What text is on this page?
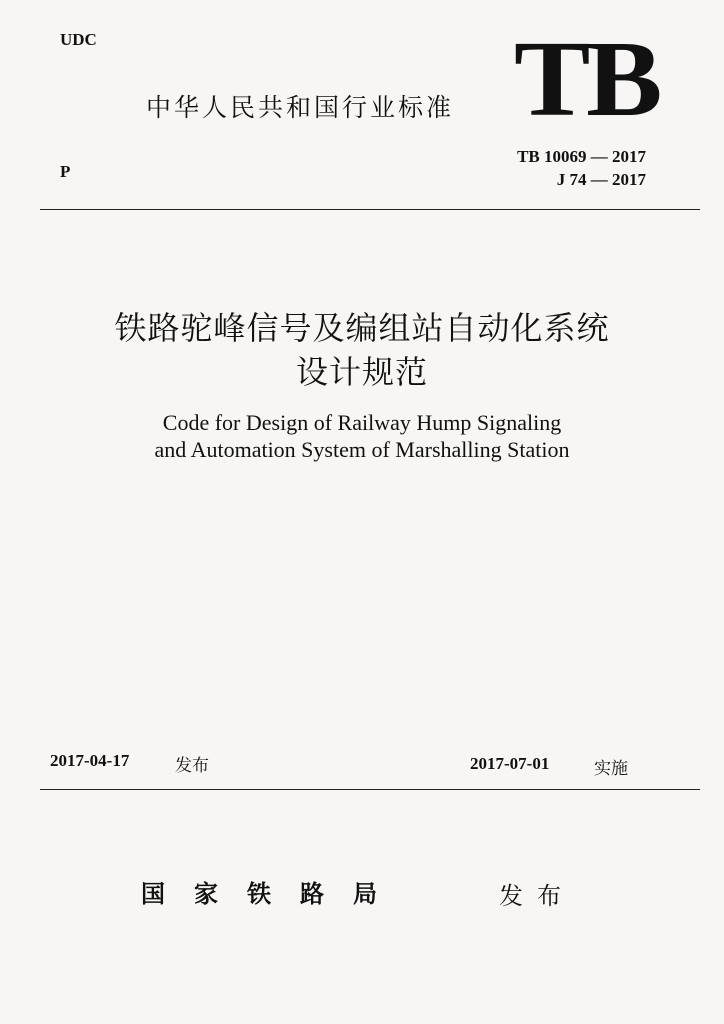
UDC
中华人民共和国行业标准 TB
P
TB 10069 — 2017
J 74 — 2017
铁路驼峰信号及编组站自动化系统
设计规范
Code for Design of Railway Hump Signaling
and Automation System of Marshalling Station
2017-04-17	发布	2017-07-01	实施
国家铁路局	发布
